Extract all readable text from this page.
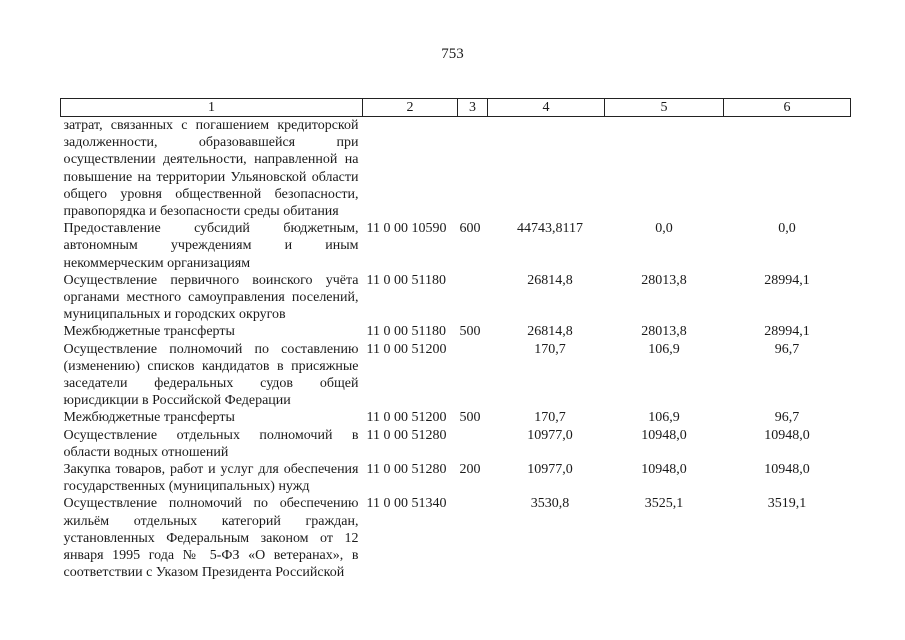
753
1	2	3	4	5	6
затрат, связанных с погашением кредиторской задолженности, образовавшейся при осуществлении деятельности, направленной на повышение на территории Ульяновской области общего уровня общественной безопасности, правопорядка и безопасности среды обитания					
Предоставление субсидий бюджетным, автономным учреждениям и иным некоммерческим организациям	11 0 00 10590	600	44743,8117	0,0	0,0
Осуществление первичного воинского учёта органами местного самоуправления поселений, муниципальных и городских округов	11 0 00 51180		26814,8	28013,8	28994,1
Межбюджетные трансферты	11 0 00 51180	500	26814,8	28013,8	28994,1
Осуществление полномочий по составлению (изменению) списков кандидатов в присяжные заседатели федеральных судов общей юрисдикции в Российской Федерации	11 0 00 51200		170,7	106,9	96,7
Межбюджетные трансферты	11 0 00 51200	500	170,7	106,9	96,7
Осуществление отдельных полномочий в области водных отношений	11 0 00 51280		10977,0	10948,0	10948,0
Закупка товаров, работ и услуг для обеспечения государственных (муниципальных) нужд	11 0 00 51280	200	10977,0	10948,0	10948,0
Осуществление полномочий по обеспечению жильём отдельных категорий граждан, установленных Федеральным законом от 12 января 1995 года № 5-ФЗ «О ветеранах», в соответствии с Указом Президента Российской	11 0 00 51340		3530,8	3525,1	3519,1
